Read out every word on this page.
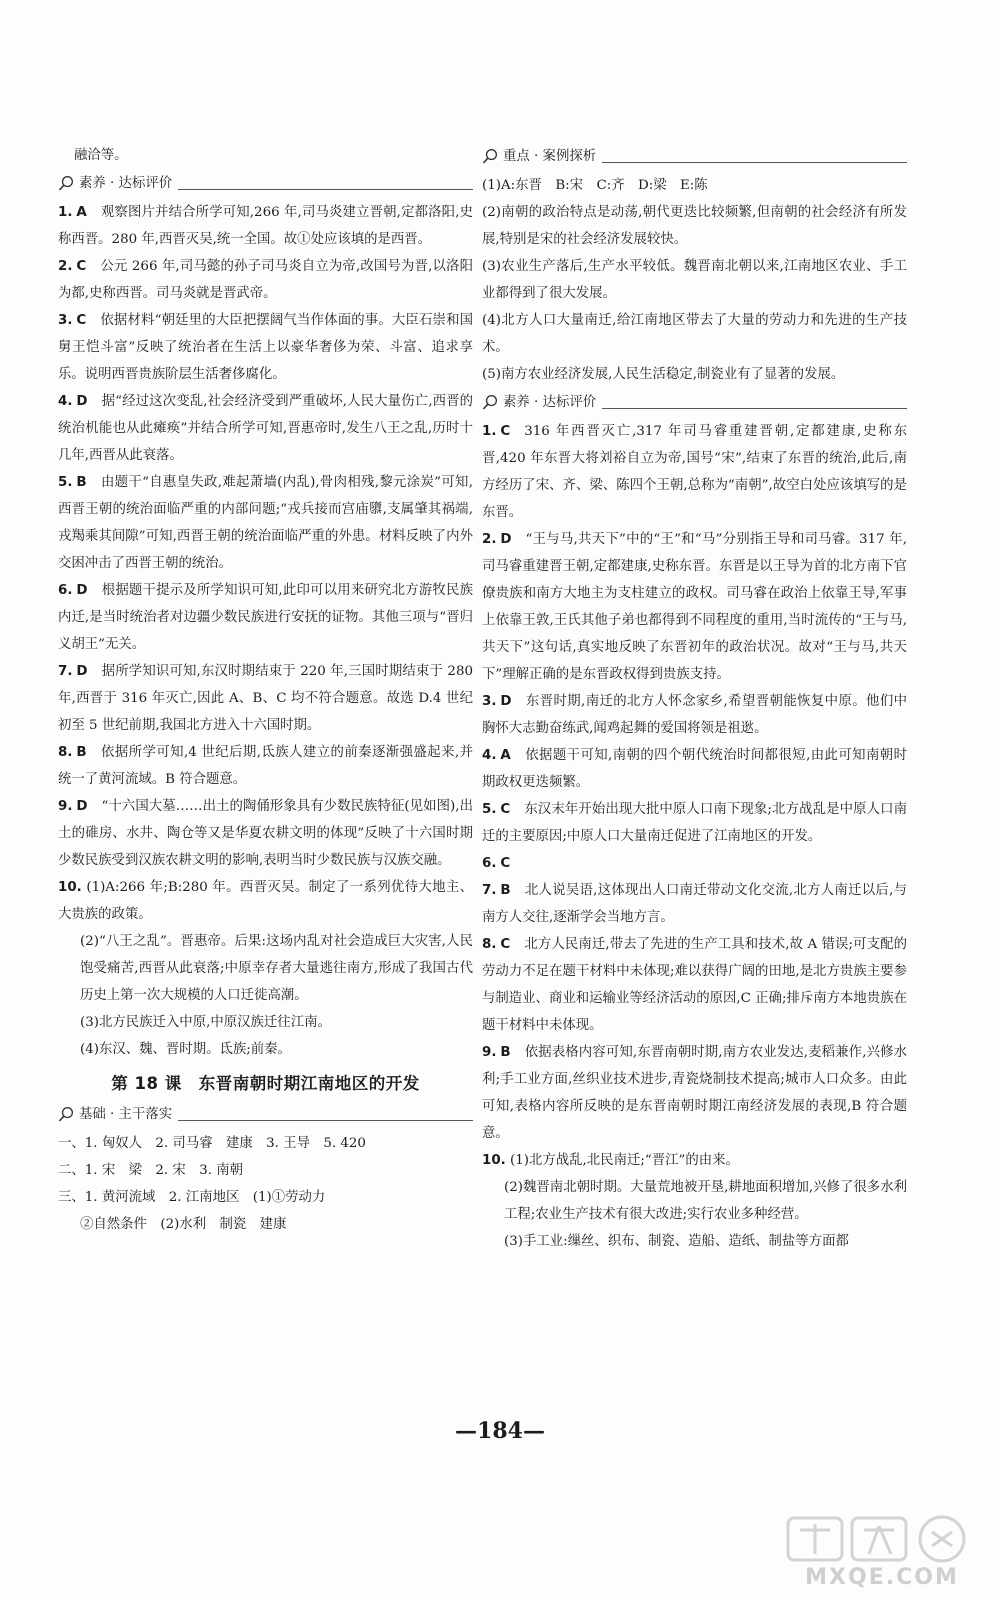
融洽等。
素养 · 达标评价
1. A 观察图片并结合所学可知,266 年,司马炎建立晋朝,定都洛阳,史称西晋。280 年,西晋灭吴,统一全国。故①处应该填的是西晋。
2. C 公元 266 年,司马懿的孙子司马炎自立为帝,改国号为晋,以洛阳为都,史称西晋。司马炎就是晋武帝。
3. C 依据材料“朝廷里的大臣把摆阔气当作体面的事。大臣石崇和国舅王恺斗富”反映了统治者在生活上以豪华奢侈为荣、斗富、追求享乐。说明西晋贵族阶层生活奢侈腐化。
4. D 据“经过这次变乱,社会经济受到严重破坏,人民大量伤亡,西晋的统治机能也从此瘫痪”并结合所学可知,晋惠帝时,发生八王之乱,历时十几年,西晋从此衰落。
5. B 由题干“自惠皇失政,难起萧墙(内乱),骨肉相残,黎元涂炭”可知,西晋王朝的统治面临严重的内部问题;“戎兵接而宫庙隳,支属肇其祸端,戎羯乘其间隙”可知,西晋王朝的统治面临严重的外患。材料反映了内外交困冲击了西晋王朝的统治。
6. D 根据题干提示及所学知识可知,此印可以用来研究北方游牧民族内迁,是当时统治者对边疆少数民族进行安抚的证物。其他三项与“晋归义胡王”无关。
7. D 据所学知识可知,东汉时期结束于 220 年,三国时期结束于 280 年,西晋于 316 年灭亡,因此 A、B、C 均不符合题意。故选 D.4 世纪初至 5 世纪前期,我国北方进入十六国时期。
8. B 依据所学可知,4 世纪后期,氐族人建立的前秦逐渐强盛起来,并统一了黄河流域。B 符合题意。
9. D “十六国大墓……出土的陶俑形象具有少数民族特征(见如图),出土的碓房、水井、陶仓等又是华夏农耕文明的体现”反映了十六国时期少数民族受到汉族农耕文明的影响,表明当时少数民族与汉族交融。
10. (1)A:266 年;B:280 年。西晋灭吴。制定了一系列优待大地主、大贵族的政策。
(2)“八王之乱”。晋惠帝。后果:这场内乱对社会造成巨大灾害,人民饱受痛苦,西晋从此衰落;中原幸存者大量逃往南方,形成了我国古代历史上第一次大规模的人口迁徙高潮。
(3)北方民族迁入中原,中原汉族迁往江南。
(4)东汉、魏、晋时期。氐族;前秦。
第 18 课　东晋南朝时期江南地区的开发
基础 · 主干落实
一、1. 匈奴人　2. 司马睿　建康　3. 王导　5. 420
二、1. 宋　梁　2. 宋　3. 南朝
三、1. 黄河流域　2. 江南地区　(1)①劳动力
②自然条件　(2)水利　制瓷　建康
重点 · 案例探析
(1)A:东晋　B:宋　C:齐　D:梁　E:陈
(2)南朝的政治特点是动荡,朝代更迭比较频繁,但南朝的社会经济有所发展,特别是宋的社会经济发展较快。
(3)农业生产落后,生产水平较低。魏晋南北朝以来,江南地区农业、手工业都得到了很大发展。
(4)北方人口大量南迁,给江南地区带去了大量的劳动力和先进的生产技术。
(5)南方农业经济发展,人民生活稳定,制瓷业有了显著的发展。
素养 · 达标评价
1. C 316 年西晋灭亡,317 年司马睿重建晋朝,定都建康,史称东晋,420 年东晋大将刘裕自立为帝,国号“宋”,结束了东晋的统治,此后,南方经历了宋、齐、梁、陈四个王朝,总称为“南朝”,故空白处应该填写的是东晋。
2. D “王与马,共天下”中的“王”和“马”分别指王导和司马睿。317 年,司马睿重建晋王朝,定都建康,史称东晋。东晋是以王导为首的北方南下官僚贵族和南方大地主为支柱建立的政权。司马睿在政治上依靠王导,军事上依靠王敦,王氏其他子弟也都得到不同程度的重用,当时流传的“王与马,共天下”这句话,真实地反映了东晋初年的政治状况。故对“王与马,共天下”理解正确的是东晋政权得到贵族支持。
3. D 东晋时期,南迁的北方人怀念家乡,希望晋朝能恢复中原。他们中胸怀大志勤奋练武,闻鸡起舞的爱国将领是祖逖。
4. A 依据题干可知,南朝的四个朝代统治时间都很短,由此可知南朝时期政权更迭频繁。
5. C 东汉末年开始出现大批中原人口南下现象;北方战乱是中原人口南迁的主要原因;中原人口大量南迁促进了江南地区的开发。
6. C
7. B 北人说吴语,这体现出人口南迁带动文化交流,北方人南迁以后,与南方人交往,逐渐学会当地方言。
8. C 北方人民南迁,带去了先进的生产工具和技术,故 A 错误;可支配的劳动力不足在题干材料中未体现;难以获得广阔的田地,是北方贵族主要参与制造业、商业和运输业等经济活动的原因,C 正确;排斥南方本地贵族在题干材料中未体现。
9. B 依据表格内容可知,东晋南朝时期,南方农业发达,麦稻兼作,兴修水利;手工业方面,丝织业技术进步,青瓷烧制技术提高;城市人口众多。由此可知,表格内容所反映的是东晋南朝时期江南经济发展的表现,B 符合题意。
10. (1)北方战乱,北民南迁;“晋江”的由来。
(2)魏晋南北朝时期。大量荒地被开垦,耕地面积增加,兴修了很多水利工程;农业生产技术有很大改进;实行农业多种经营。
(3)手工业:缫丝、织布、制瓷、造船、造纸、制盐等方面都
—184—
MXQE.COM
